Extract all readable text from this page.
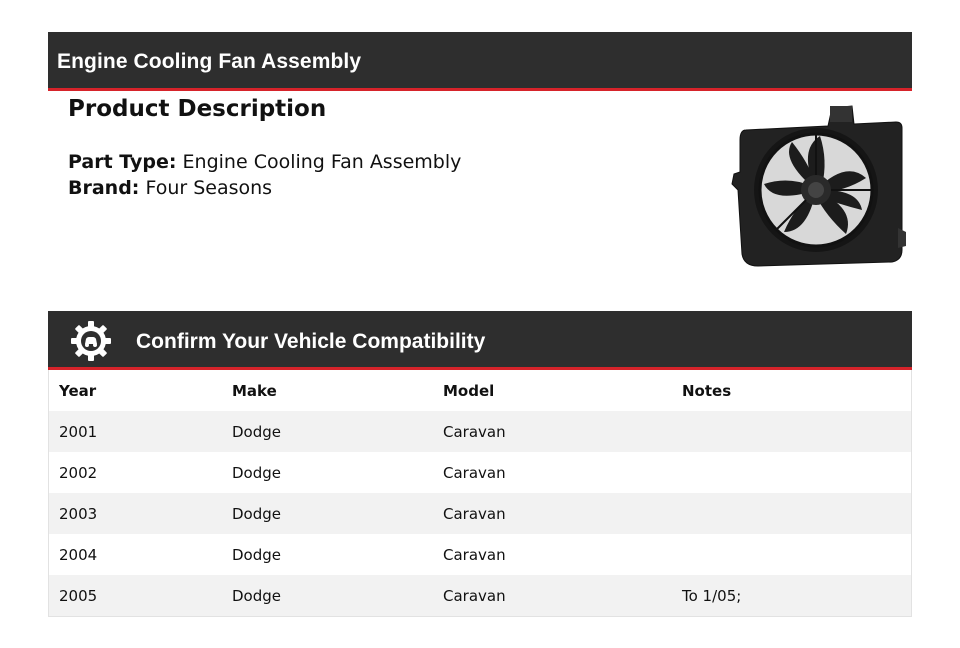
Engine Cooling Fan Assembly
Product Description
Part Type: Engine Cooling Fan Assembly
Brand: Four Seasons
Confirm Your Vehicle Compatibility
Year	Make	Model	Notes
2001	Dodge	Caravan	
2002	Dodge	Caravan	
2003	Dodge	Caravan	
2004	Dodge	Caravan	
2005	Dodge	Caravan	To 1/05;
